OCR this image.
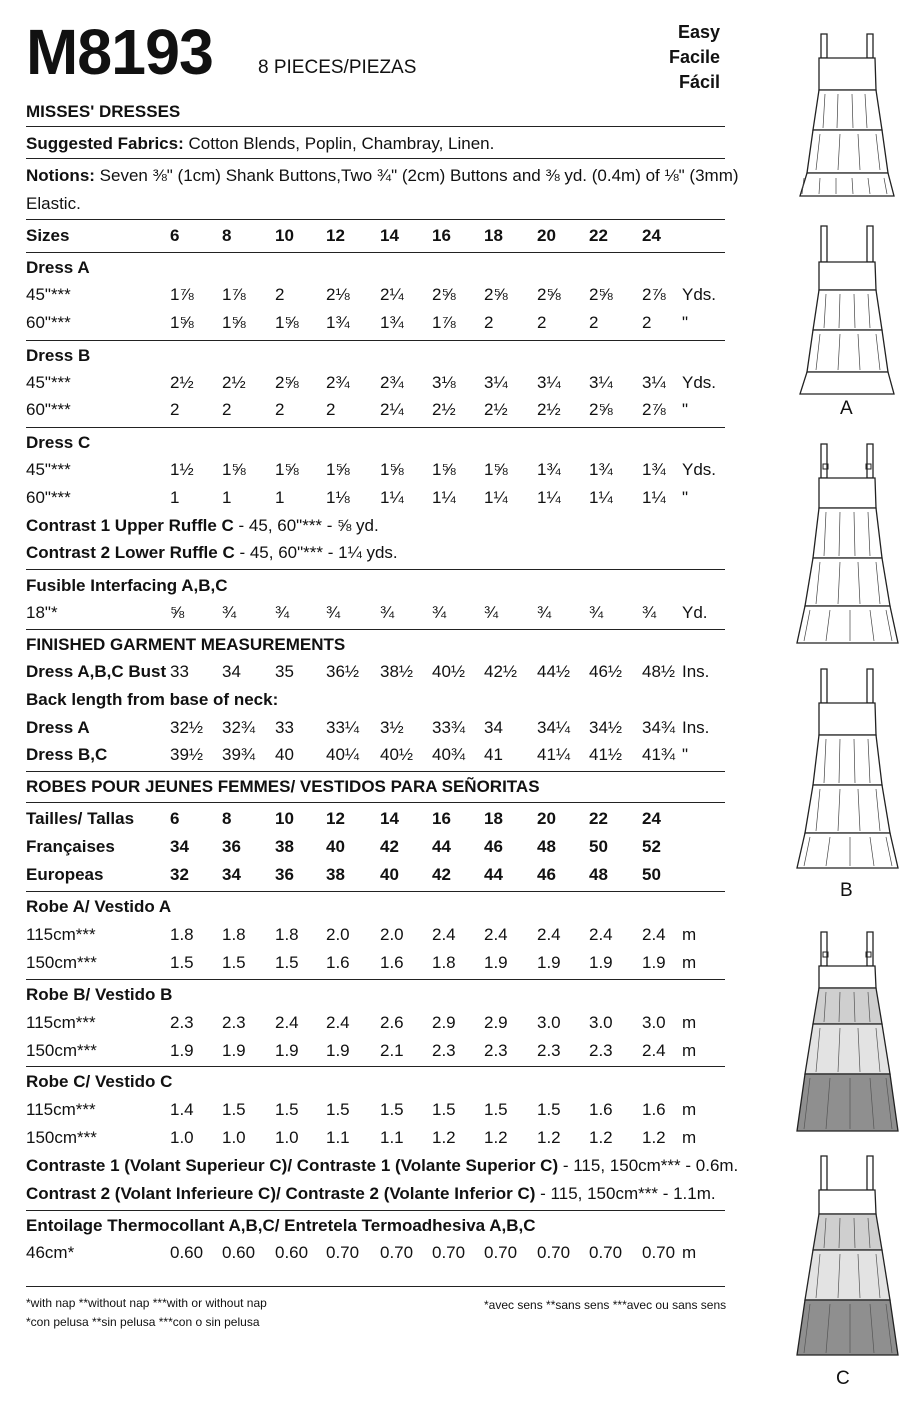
M8193 8 PIECES/PIEZAS
Easy
Facile
Fácil
MISSES' DRESSES
Suggested Fabrics: Cotton Blends, Poplin, Chambray, Linen.
Notions: Seven ⅜" (1cm) Shank Buttons,Two ¾" (2cm) Buttons and ⅜ yd. (0.4m) of ⅛" (3mm)
Elastic.
Sizes	6	8	10 12 14 16 18 20 22 24
Dress A
45"***	1⅞ 1⅞ 2 2⅛ 2¼ 2⅝ 2⅝ 2⅝ 2⅝ 2⅞ Yds.
60"***	1⅝ 1⅝ 1⅝ 1¾ 1¾ 1⅞ 2	2	2	2 "
Dress B
45"***	2½ 2½ 2⅝ 2¾ 2¾ 3⅛ 3¼ 3¼ 3¼ 3¼ Yds.
60"***	2	2	2 2	2¼ 2½ 2½ 2½ 2⅝ 2⅞ "
Dress C
45"***	1½ 1⅝ 1⅝ 1⅝ 1⅝ 1⅝ 1⅝ 1¾ 1¾ 1¾ Yds.
60"***	1	1	1 1⅛ 1¼ 1¼ 1¼ 1¼ 1¼ 1¼ "
Contrast 1 Upper Ruffle C - 45, 60"*** - ⅝ yd.
Contrast 2 Lower Ruffle C - 45, 60"*** - 1¼ yds.
Fusible Interfacing A,B,C
18"*	⅝ ¾ ¾ ¾ ¾ ¾ ¾ ¾ ¾ ¾ Yd.
FINISHED GARMENT MEASUREMENTS
Dress A,B,C Bust 33 34 35 36½ 38½ 40½ 42½ 44½ 46½ 48½ Ins.
Back length from base of neck:
Dress A	32½ 32¾ 33 33¼ 3½ 33¾ 34 34¼ 34½ 34¾ Ins.
Dress B,C	39½ 39¾ 40 40¼ 40½ 40¾ 41 41¼ 41½ 41¾ "
ROBES POUR JEUNES FEMMES/ VESTIDOS PARA SEÑORITAS
Tailles/ Tallas 6	8	10 12 14 16 18 20 22 24
Françaises	34 36 38 40 42 44 46 48 50 52
Europeas	32 34 36 38 40 42 44 46 48 50
Robe A/ Vestido A
115cm***	1.8 1.8 1.8 2.0 2.0 2.4 2.4 2.4 2.4 2.4 m
150cm***	1.5 1.5 1.5 1.6 1.6 1.8 1.9 1.9 1.9 1.9 m
Robe B/ Vestido B
115cm***	2.3 2.3 2.4 2.4 2.6 2.9 2.9 3.0 3.0 3.0 m
150cm***	1.9 1.9 1.9 1.9 2.1 2.3 2.3 2.3 2.3 2.4 m
Robe C/ Vestido C
115cm***	1.4 1.5 1.5 1.5 1.5 1.5 1.5 1.5 1.6 1.6 m
150cm***	1.0 1.0 1.0 1.1 1.1 1.2 1.2 1.2 1.2 1.2 m
Contraste 1 (Volant Superieur C)/ Contraste 1 (Volante Superior C) - 115, 150cm*** - 0.6m.
Contrast 2 (Volant Inferieure C)/ Contraste 2 (Volante Inferior C) - 115, 150cm*** - 1.1m.
Entoilage Thermocollant A,B,C/ Entretela Termoadhesiva A,B,C
46cm*	0.60 0.60 0.60 0.70 0.70 0.70 0.70 0.70 0.70 0.70 m
*with nap **without nap ***with or without nap
*con pelusa **sin pelusa ***con o sin pelusa
*avec sens **sans sens ***avec ou sans sens
A
B
C
